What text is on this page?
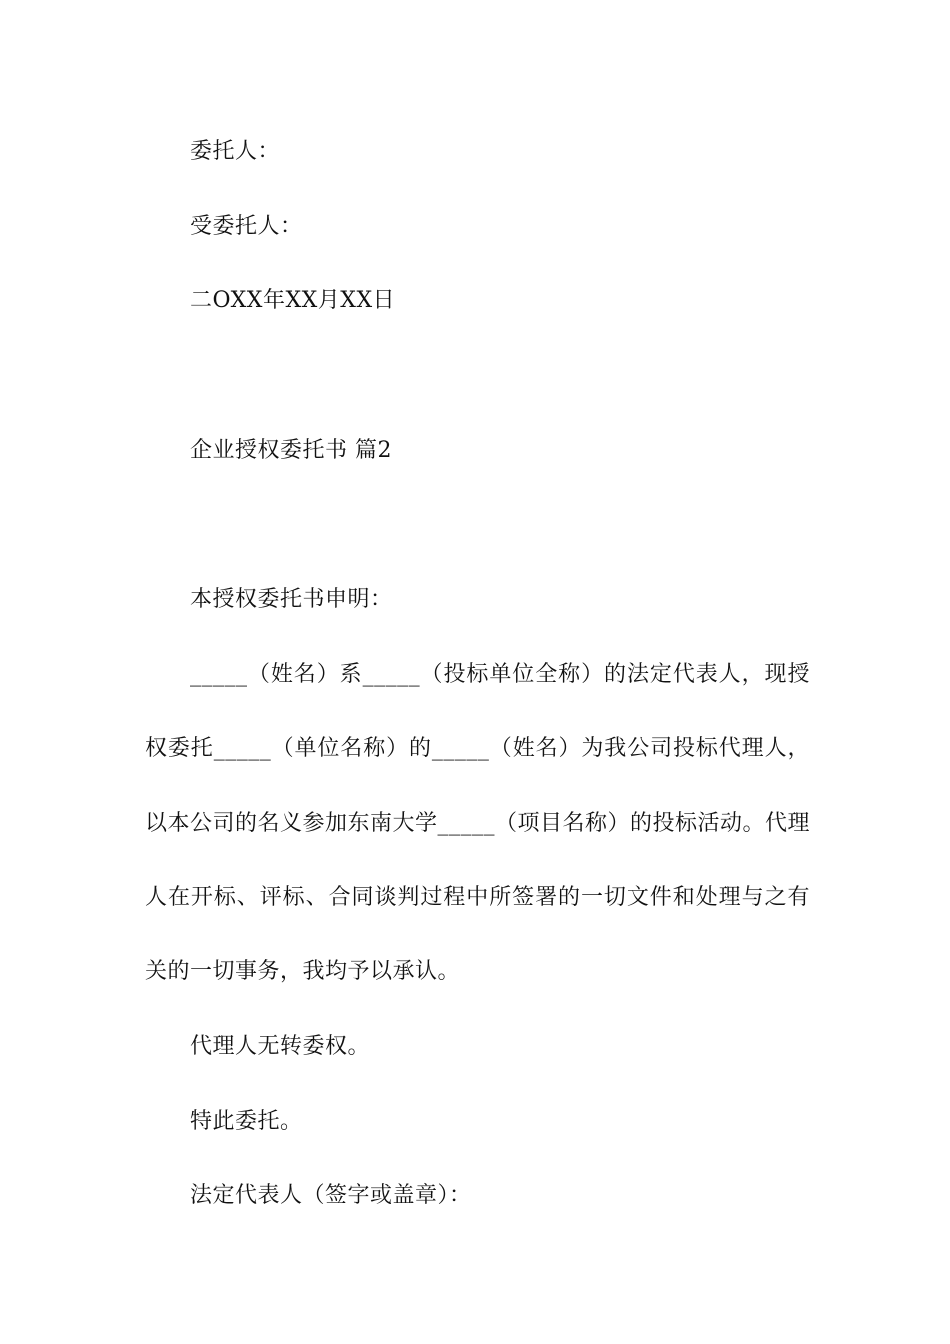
委托人：
受委托人：
二OXX年XX月XX日
企业授权委托书 篇2
本授权委托书申明：
_____（姓名）系_____（投标单位全称）的法定代表人，现授
权委托_____（单位名称）的_____（姓名）为我公司投标代理人，
以本公司的名义参加东南大学_____（项目名称）的投标活动。代理
人在开标、评标、合同谈判过程中所签署的一切文件和处理与之有
关的一切事务，我均予以承认。
代理人无转委权。
特此委托。
法定代表人（签字或盖章）：
